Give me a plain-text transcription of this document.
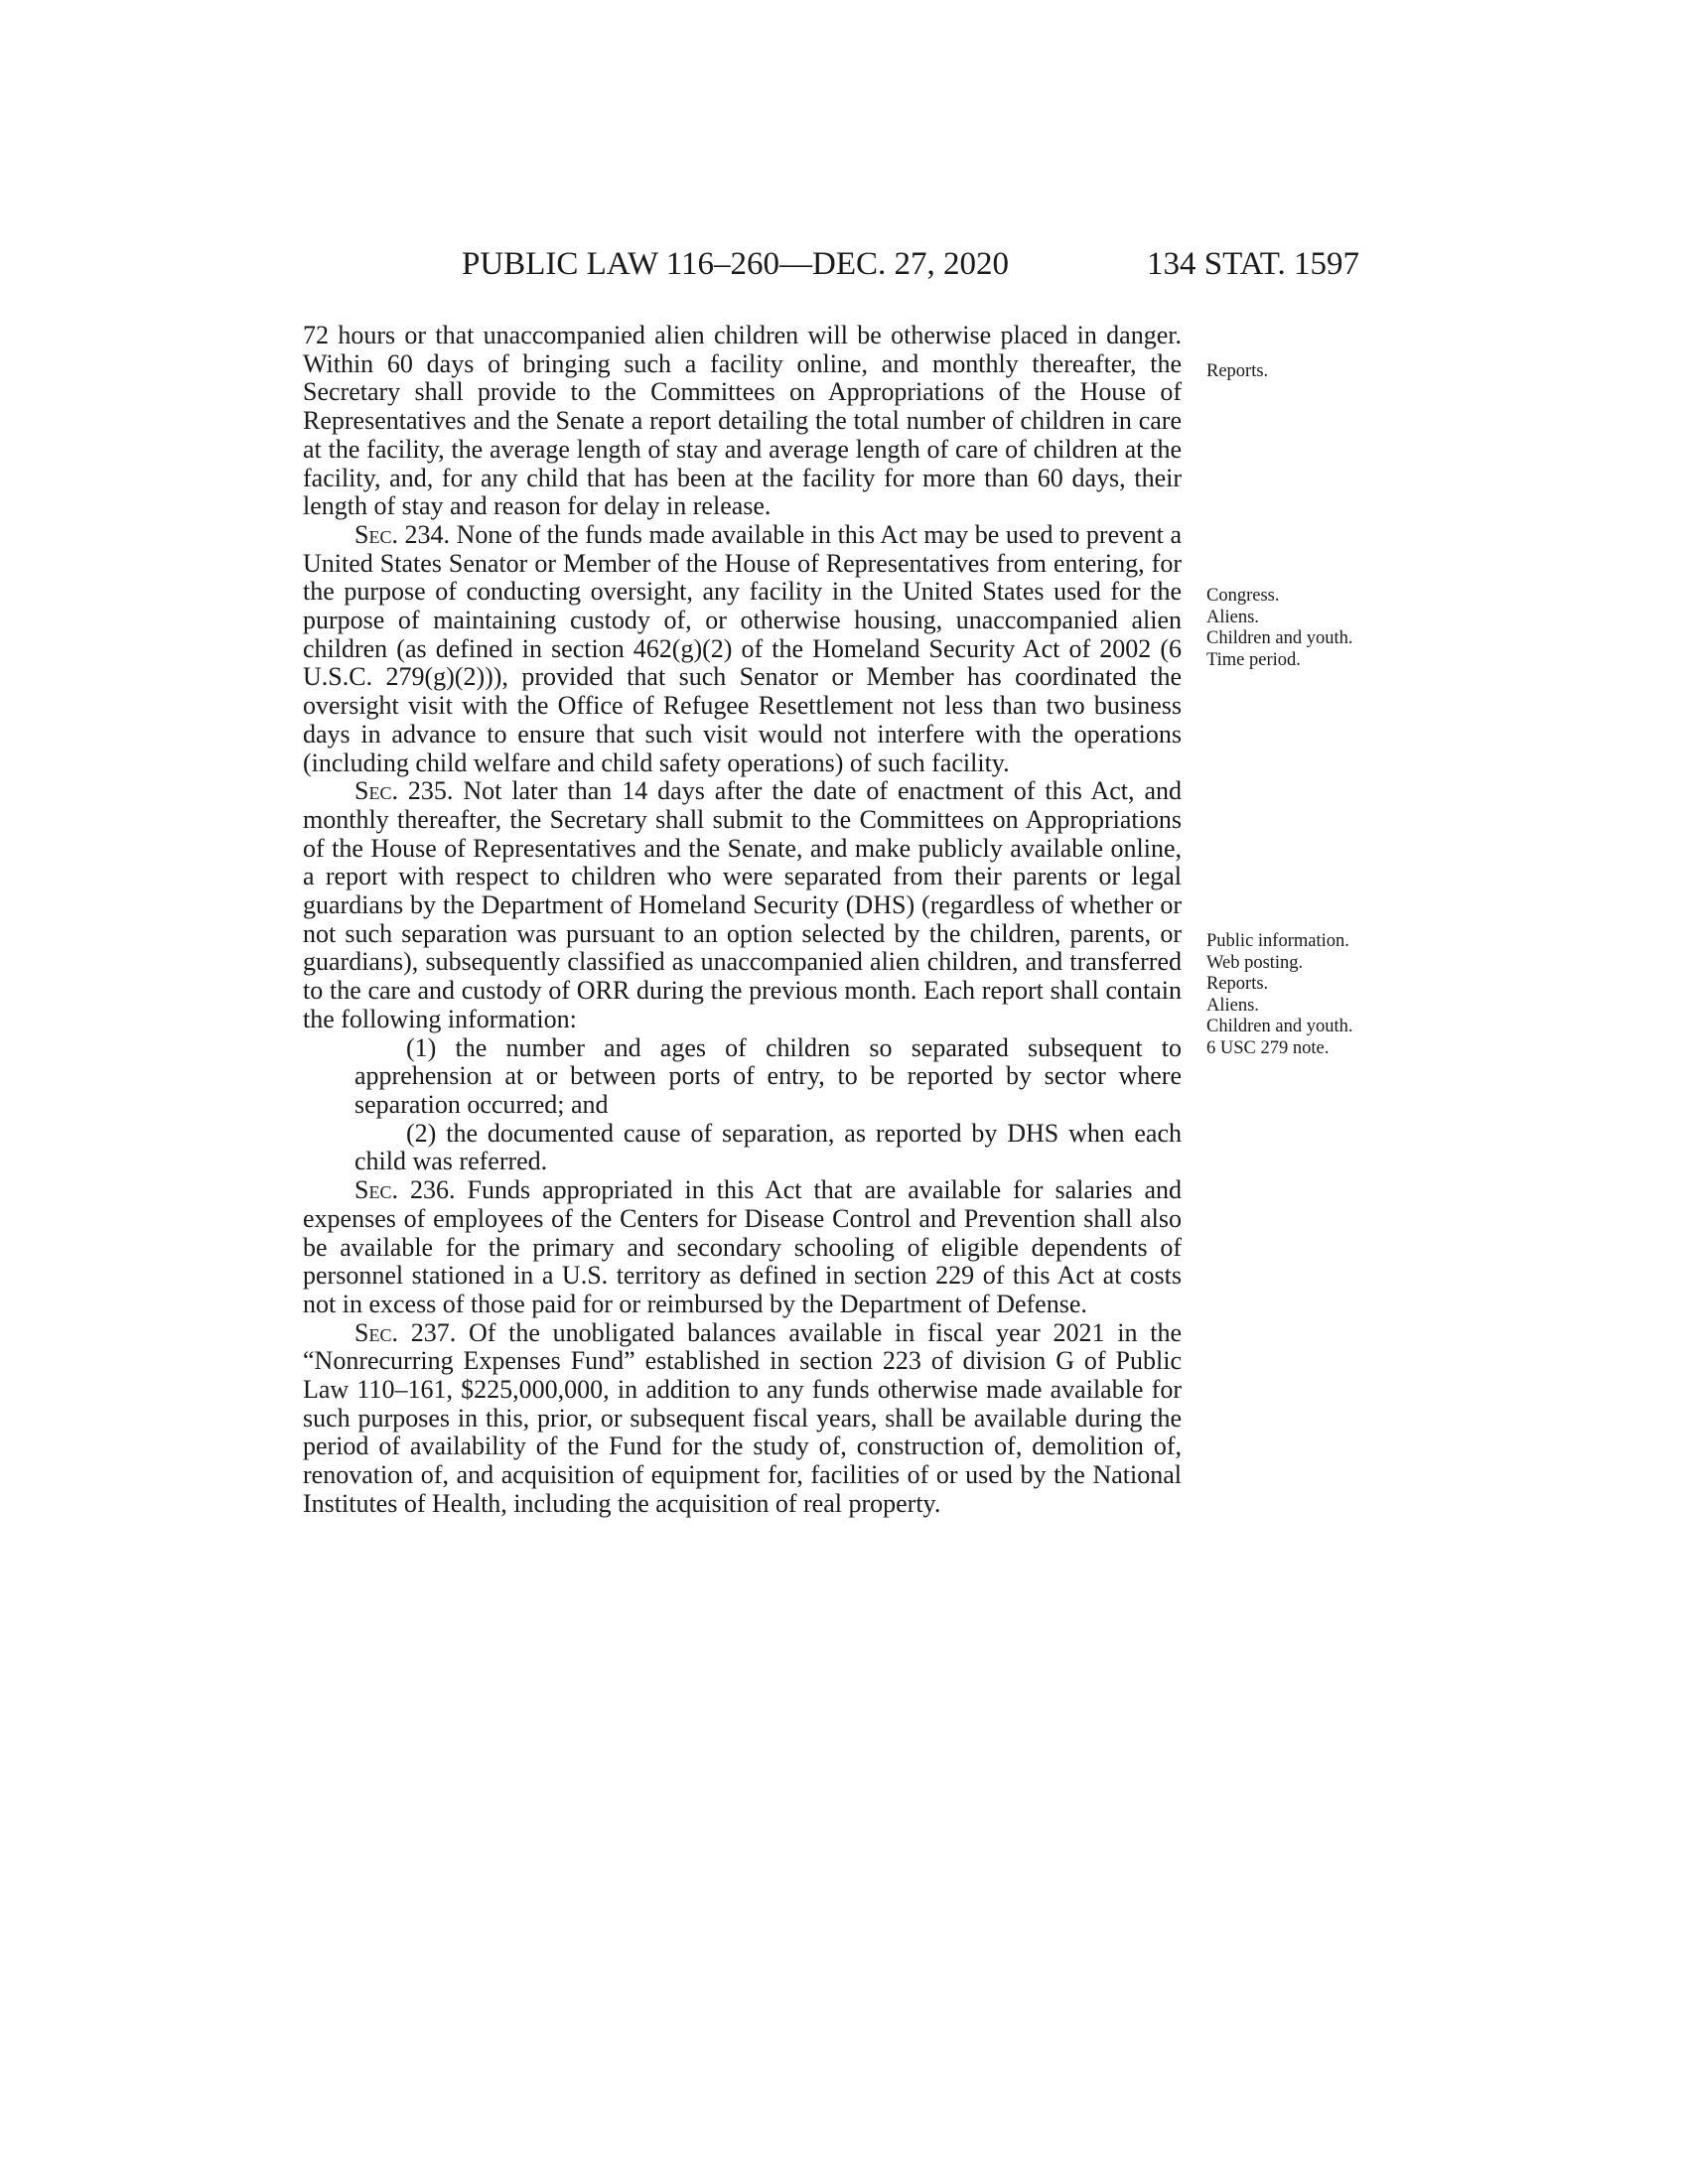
PUBLIC LAW 116–260—DEC. 27, 2020	134 STAT. 1597

72 hours or that unaccompanied alien children will be otherwise placed in danger. Within 60 days of bringing such a facility online, and monthly thereafter, the Secretary shall provide to the Committees on Appropriations of the House of Representatives and the Senate a report detailing the total number of children in care at the facility, the average length of stay and average length of care of children at the facility, and, for any child that has been at the facility for more than 60 days, their length of stay and reason for delay in release.

Sec. 234. None of the funds made available in this Act may be used to prevent a United States Senator or Member of the House of Representatives from entering, for the purpose of conducting oversight, any facility in the United States used for the purpose of maintaining custody of, or otherwise housing, unaccompanied alien children (as defined in section 462(g)(2) of the Homeland Security Act of 2002 (6 U.S.C. 279(g)(2))), provided that such Senator or Member has coordinated the oversight visit with the Office of Refugee Resettlement not less than two business days in advance to ensure that such visit would not interfere with the operations (including child welfare and child safety operations) of such facility.

Sec. 235. Not later than 14 days after the date of enactment of this Act, and monthly thereafter, the Secretary shall submit to the Committees on Appropriations of the House of Representatives and the Senate, and make publicly available online, a report with respect to children who were separated from their parents or legal guardians by the Department of Homeland Security (DHS) (regardless of whether or not such separation was pursuant to an option selected by the children, parents, or guardians), subsequently classified as unaccompanied alien children, and transferred to the care and custody of ORR during the previous month. Each report shall contain the following information:

(1) the number and ages of children so separated subsequent to apprehension at or between ports of entry, to be reported by sector where separation occurred; and

(2) the documented cause of separation, as reported by DHS when each child was referred.

Sec. 236. Funds appropriated in this Act that are available for salaries and expenses of employees of the Centers for Disease Control and Prevention shall also be available for the primary and secondary schooling of eligible dependents of personnel stationed in a U.S. territory as defined in section 229 of this Act at costs not in excess of those paid for or reimbursed by the Department of Defense.

Sec. 237. Of the unobligated balances available in fiscal year 2021 in the “Nonrecurring Expenses Fund” established in section 223 of division G of Public Law 110–161, $225,000,000, in addition to any funds otherwise made available for such purposes in this, prior, or subsequent fiscal years, shall be available during the period of availability of the Fund for the study of, construction of, demolition of, renovation of, and acquisition of equipment for, facilities of or used by the National Institutes of Health, including the acquisition of real property.

Reports.
Congress.
Aliens.
Children and youth.
Time period.
Public information.
Web posting.
Reports.
Aliens.
Children and youth.
6 USC 279 note.
